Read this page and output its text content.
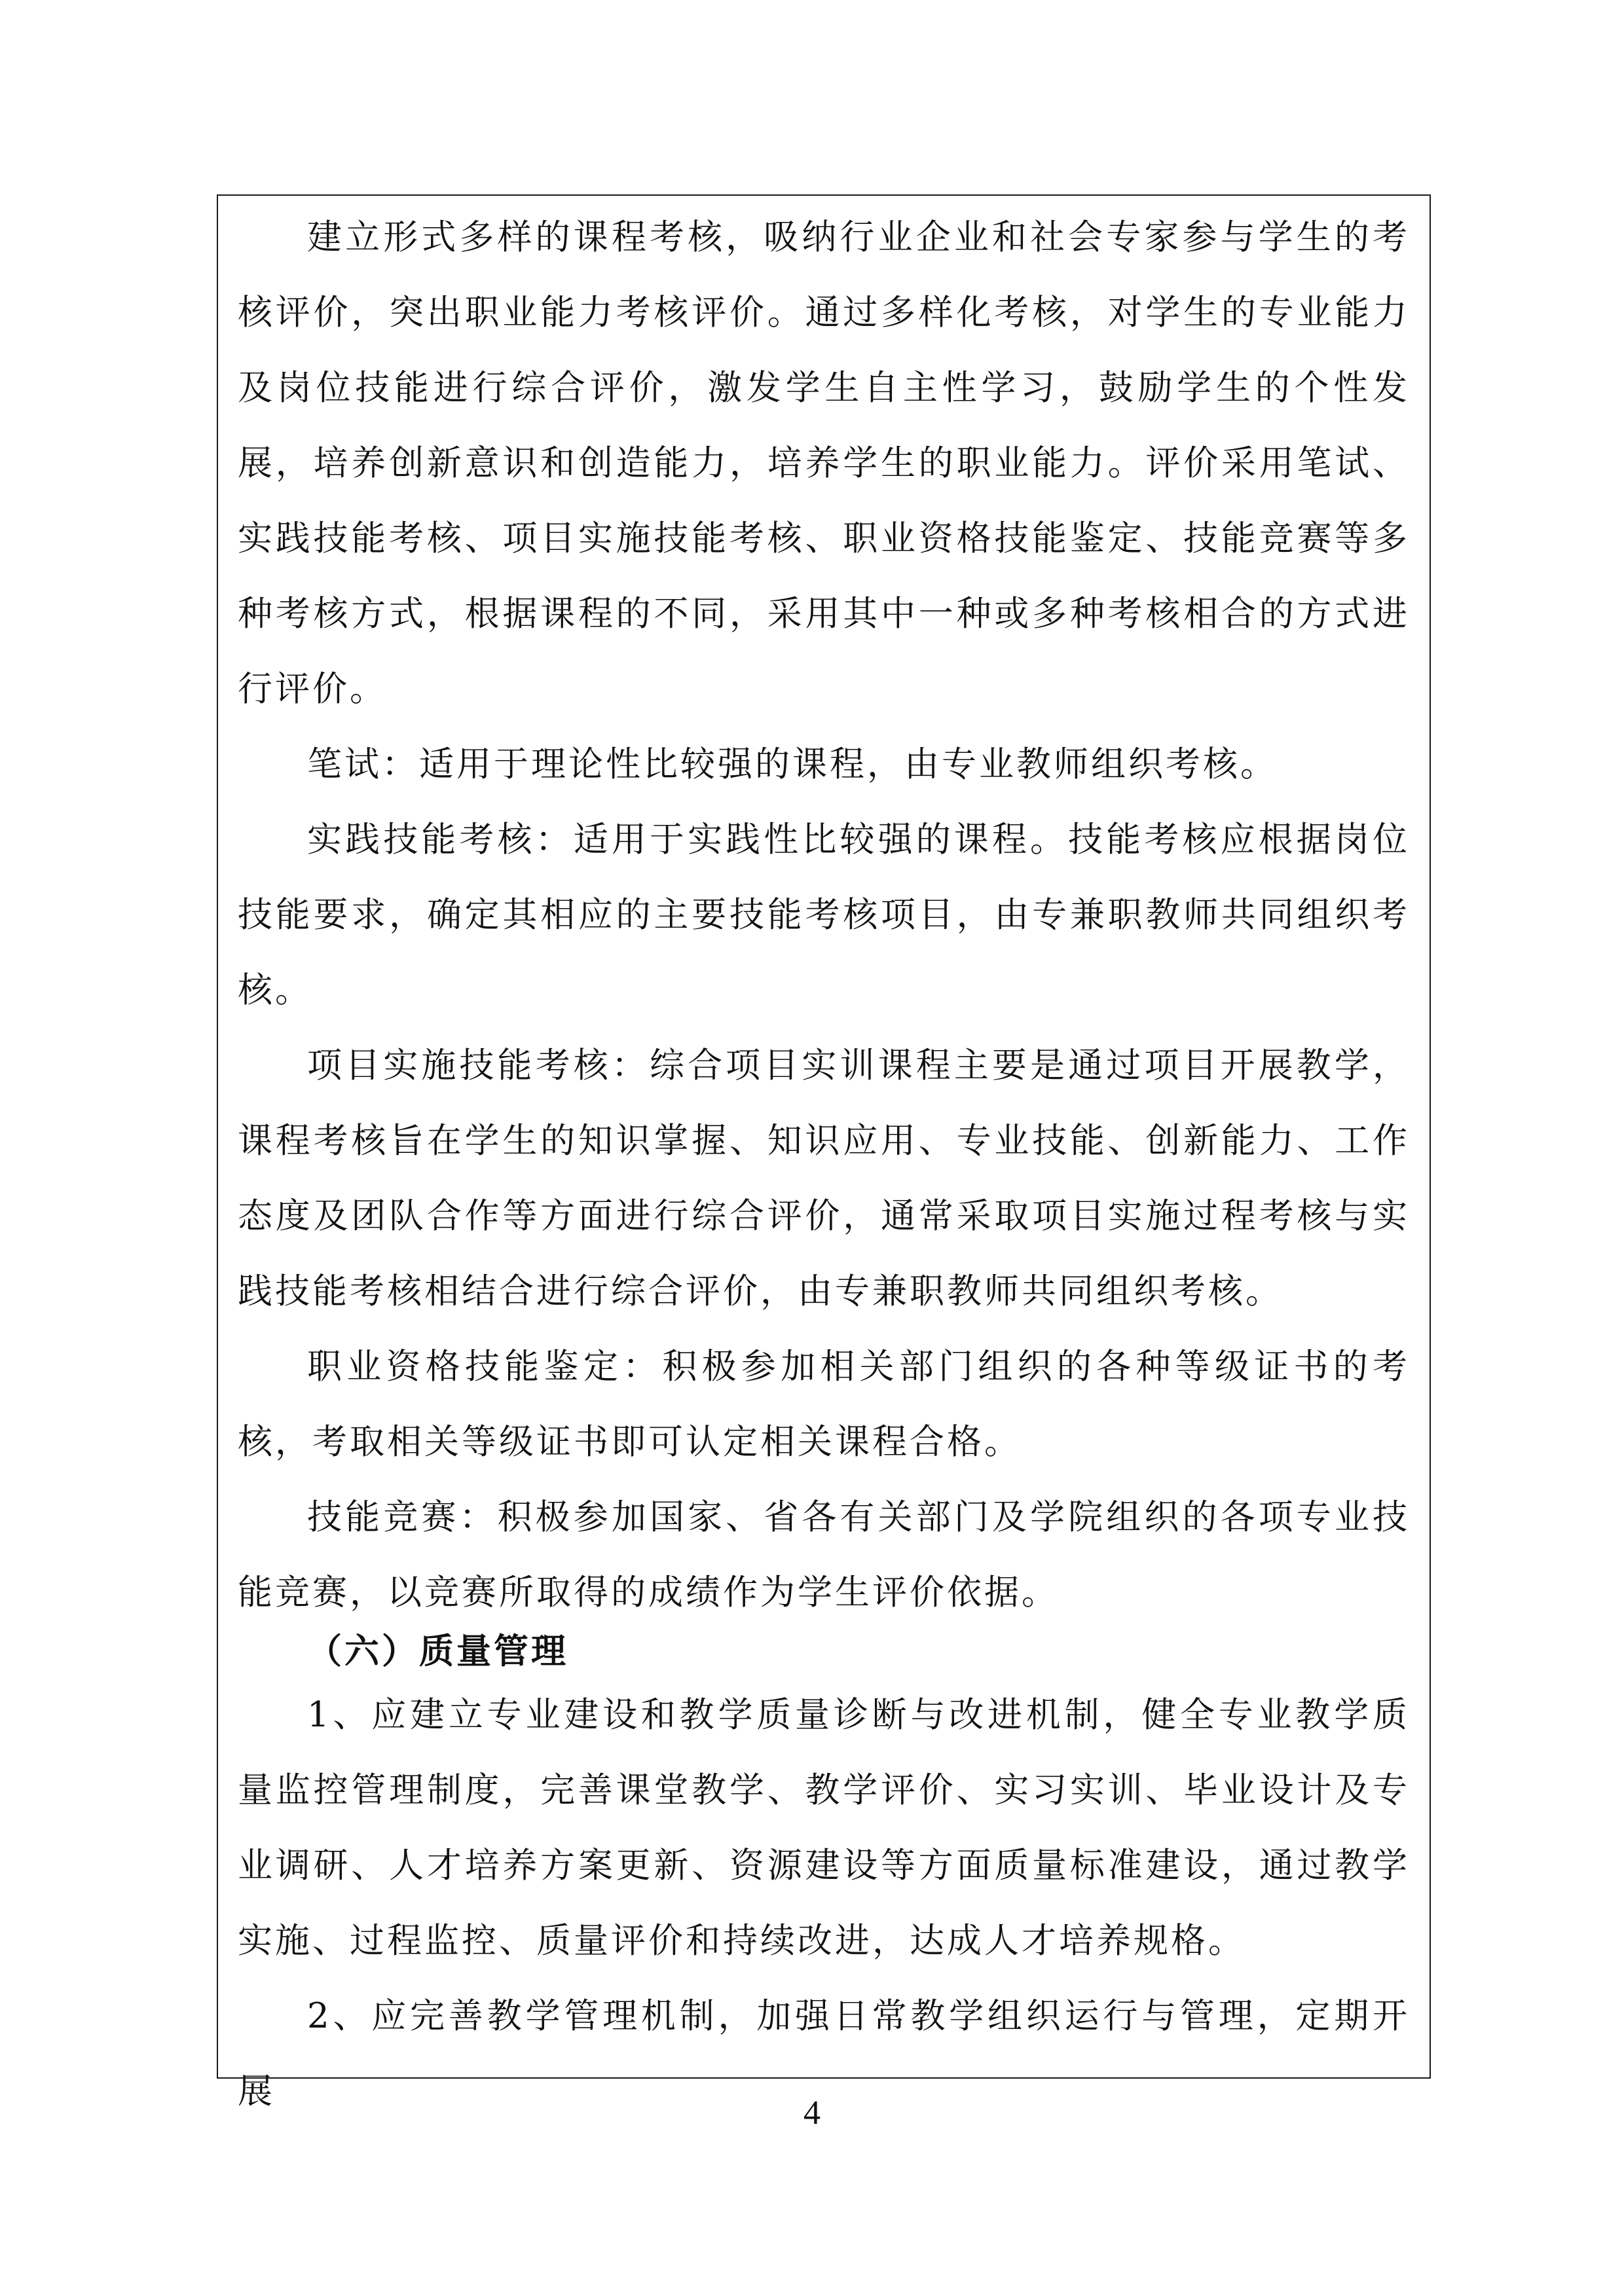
建立形式多样的课程考核，吸纳行业企业和社会专家参与学生的考核评价，突出职业能力考核评价。通过多样化考核，对学生的专业能力及岗位技能进行综合评价，激发学生自主性学习，鼓励学生的个性发展，培养创新意识和创造能力，培养学生的职业能力。评价采用笔试、实践技能考核、项目实施技能考核、职业资格技能鉴定、技能竞赛等多种考核方式，根据课程的不同，采用其中一种或多种考核相合的方式进行评价。

笔试：适用于理论性比较强的课程，由专业教师组织考核。

实践技能考核：适用于实践性比较强的课程。技能考核应根据岗位技能要求，确定其相应的主要技能考核项目，由专兼职教师共同组织考核。

项目实施技能考核：综合项目实训课程主要是通过项目开展教学，课程考核旨在学生的知识掌握、知识应用、专业技能、创新能力、工作态度及团队合作等方面进行综合评价，通常采取项目实施过程考核与实践技能考核相结合进行综合评价，由专兼职教师共同组织考核。

职业资格技能鉴定：积极参加相关部门组织的各种等级证书的考核，考取相关等级证书即可认定相关课程合格。

技能竞赛：积极参加国家、省各有关部门及学院组织的各项专业技能竞赛，以竞赛所取得的成绩作为学生评价依据。

（六）质量管理

1、应建立专业建设和教学质量诊断与改进机制，健全专业教学质量监控管理制度，完善课堂教学、教学评价、实习实训、毕业设计及专业调研、人才培养方案更新、资源建设等方面质量标准建设，通过教学实施、过程监控、质量评价和持续改进，达成人才培养规格。

2、应完善教学管理机制，加强日常教学组织运行与管理，定期开展

4
